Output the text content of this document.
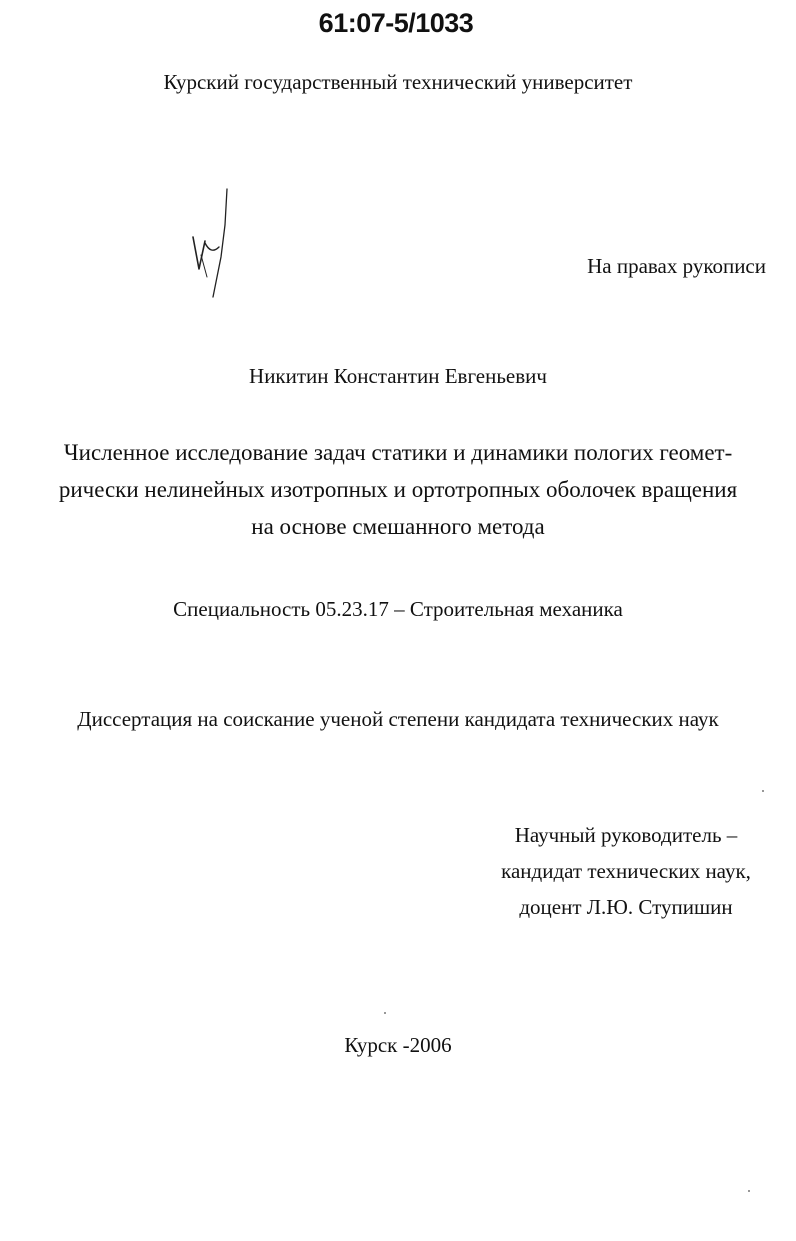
61:07-5/1033
Курский государственный технический университет
На правах рукописи
Никитин Константин Евгеньевич
Численное исследование задач статики и динамики пологих геомет-
рически нелинейных изотропных и ортотропных оболочек вращения
на основе смешанного метода
Специальность 05.23.17 – Строительная механика
Диссертация на соискание ученой степени кандидата технических наук
Научный руководитель –
кандидат технических наук,
доцент Л.Ю. Ступишин
Курск -2006
